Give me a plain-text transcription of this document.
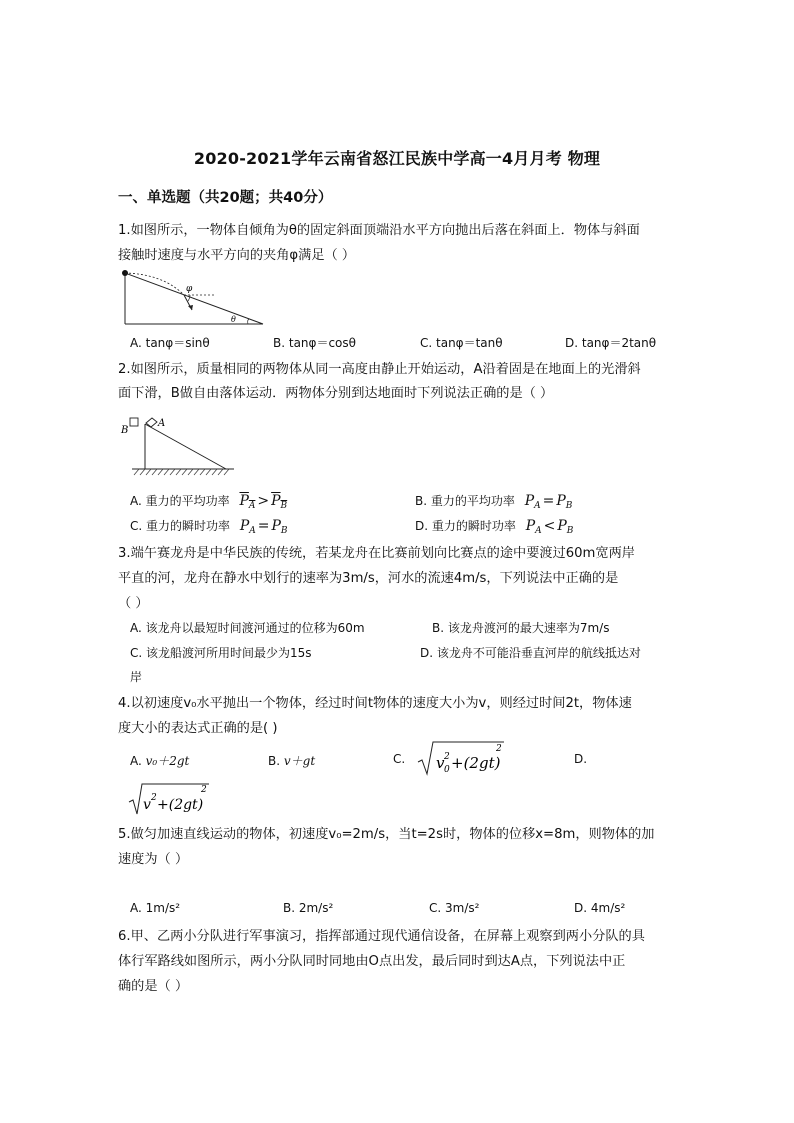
2020-2021学年云南省怒江民族中学高一4月月考 物理
一、单选题（共20题；共40分）
1.如图所示，一物体自倾角为θ的固定斜面顶端沿水平方向抛出后落在斜面上．物体与斜面
接触时速度与水平方向的夹角φ满足（ ）
φ
θ
A. tanφ＝sinθ	B. tanφ＝cosθ	C. tanφ＝tanθ	D. tanφ＝2tanθ
2.如图所示，质量相同的两物体从同一高度由静止开始运动，A沿着固是在地面上的光滑斜
面下滑，B做自由落体运动．两物体分别到达地面时下列说法正确的是（ ）
B
A
A. 重力的平均功率 $P_A > P_B$	B. 重力的平均功率 $P_A = P_B$
C. 重力的瞬时功率 $P_A = P_B$	D. 重力的瞬时功率 $P_A < P_B$
3.端午赛龙舟是中华民族的传统，若某龙舟在比赛前划向比赛点的途中要渡过60m宽两岸
平直的河，龙舟在静水中划行的速率为3m/s，河水的流速4m/s，下列说法中正确的是
（ ）
A. 该龙舟以最短时间渡河通过的位移为60m	B. 该龙舟渡河的最大速率为7m/s
C. 该龙船渡河所用时间最少为15s	D. 该龙舟不可能沿垂直河岸的航线抵达对
岸
4.以初速度v₀水平抛出一个物体，经过时间t物体的速度大小为v，则经过时间2t，物体速
度大小的表达式正确的是( )
A. v₀＋2gt	B. v＋gt	C. v 0
2 +(2gt)
2
D.
v 2 +(2gt)
2
5.做匀加速直线运动的物体，初速度v₀=2m/s，当t=2s时，物体的位移x=8m，则物体的加
速度为（ ）
A. 1m/s²	B. 2m/s²	C. 3m/s²	D. 4m/s²
6.甲、乙两小分队进行军事演习，指挥部通过现代通信设备，在屏幕上观察到两小分队的具
体行军路线如图所示，两小分队同时同地由O点出发，最后同时到达A点，下列说法中正
确的是（ ）
